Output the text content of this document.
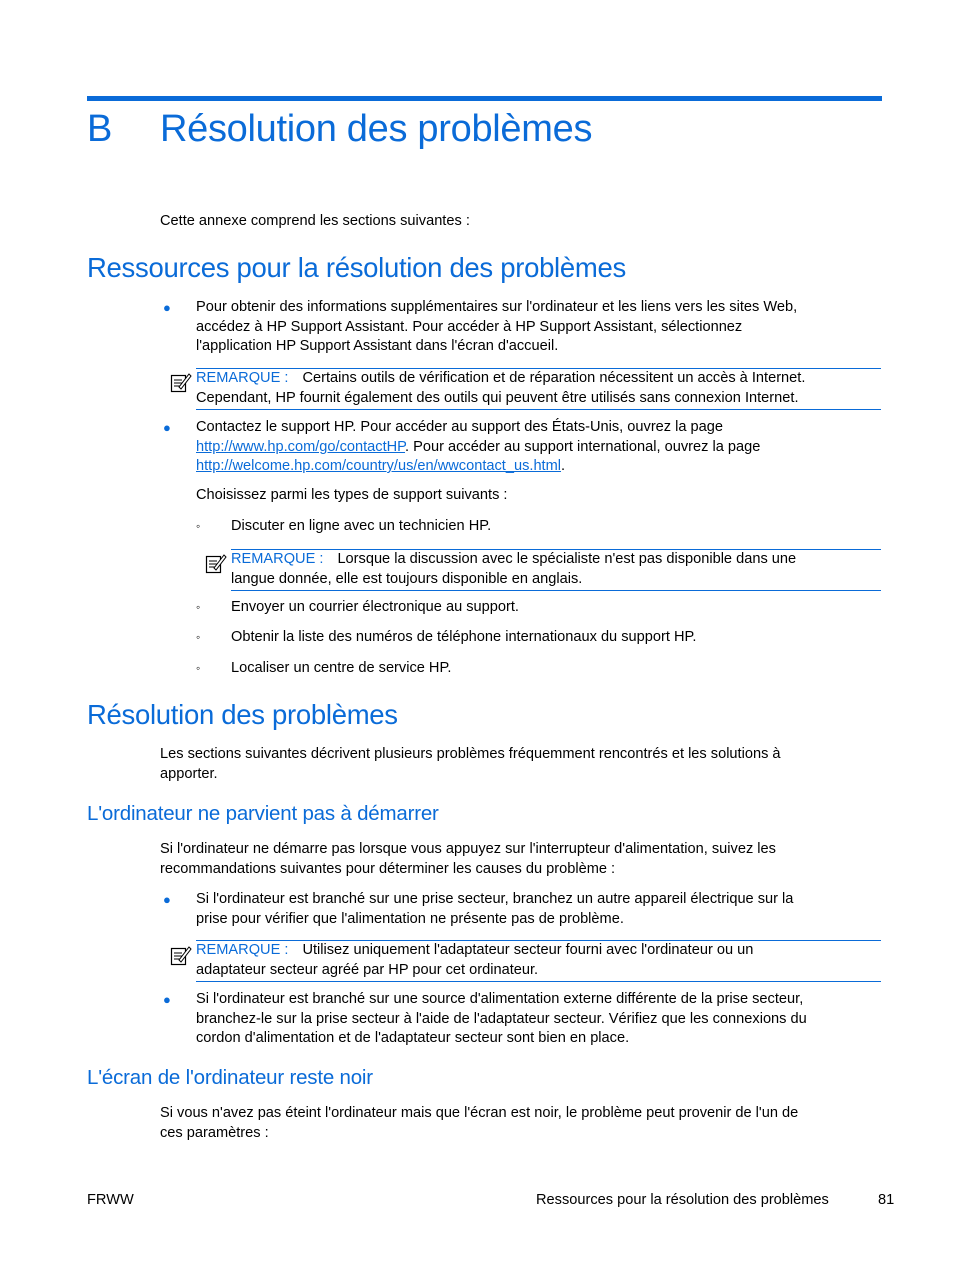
B Résolution des problèmes
Cette annexe comprend les sections suivantes :
Ressources pour la résolution des problèmes
● Pour obtenir des informations supplémentaires sur l'ordinateur et les liens vers les sites Web,
accédez à HP Support Assistant. Pour accéder à HP Support Assistant, sélectionnez
l'application HP Support Assistant dans l'écran d'accueil.
REMARQUE : Certains outils de vérification et de réparation nécessitent un accès à Internet.
Cependant, HP fournit également des outils qui peuvent être utilisés sans connexion Internet.
● Contactez le support HP. Pour accéder au support des États-Unis, ouvrez la page
http://www.hp.com/go/contactHP. Pour accéder au support international, ouvrez la page
http://welcome.hp.com/country/us/en/wwcontact_us.html.
Choisissez parmi les types de support suivants :
◦ Discuter en ligne avec un technicien HP.
REMARQUE : Lorsque la discussion avec le spécialiste n'est pas disponible dans une
langue donnée, elle est toujours disponible en anglais.
◦ Envoyer un courrier électronique au support.
◦ Obtenir la liste des numéros de téléphone internationaux du support HP.
◦ Localiser un centre de service HP.
Résolution des problèmes
Les sections suivantes décrivent plusieurs problèmes fréquemment rencontrés et les solutions à
apporter.
L'ordinateur ne parvient pas à démarrer
Si l'ordinateur ne démarre pas lorsque vous appuyez sur l'interrupteur d'alimentation, suivez les
recommandations suivantes pour déterminer les causes du problème :
● Si l'ordinateur est branché sur une prise secteur, branchez un autre appareil électrique sur la
prise pour vérifier que l'alimentation ne présente pas de problème.
REMARQUE : Utilisez uniquement l'adaptateur secteur fourni avec l'ordinateur ou un
adaptateur secteur agréé par HP pour cet ordinateur.
● Si l'ordinateur est branché sur une source d'alimentation externe différente de la prise secteur,
branchez-le sur la prise secteur à l'aide de l'adaptateur secteur. Vérifiez que les connexions du
cordon d'alimentation et de l'adaptateur secteur sont bien en place.
L'écran de l'ordinateur reste noir
Si vous n'avez pas éteint l'ordinateur mais que l'écran est noir, le problème peut provenir de l'un de
ces paramètres :
FRWW	Ressources pour la résolution des problèmes	81
